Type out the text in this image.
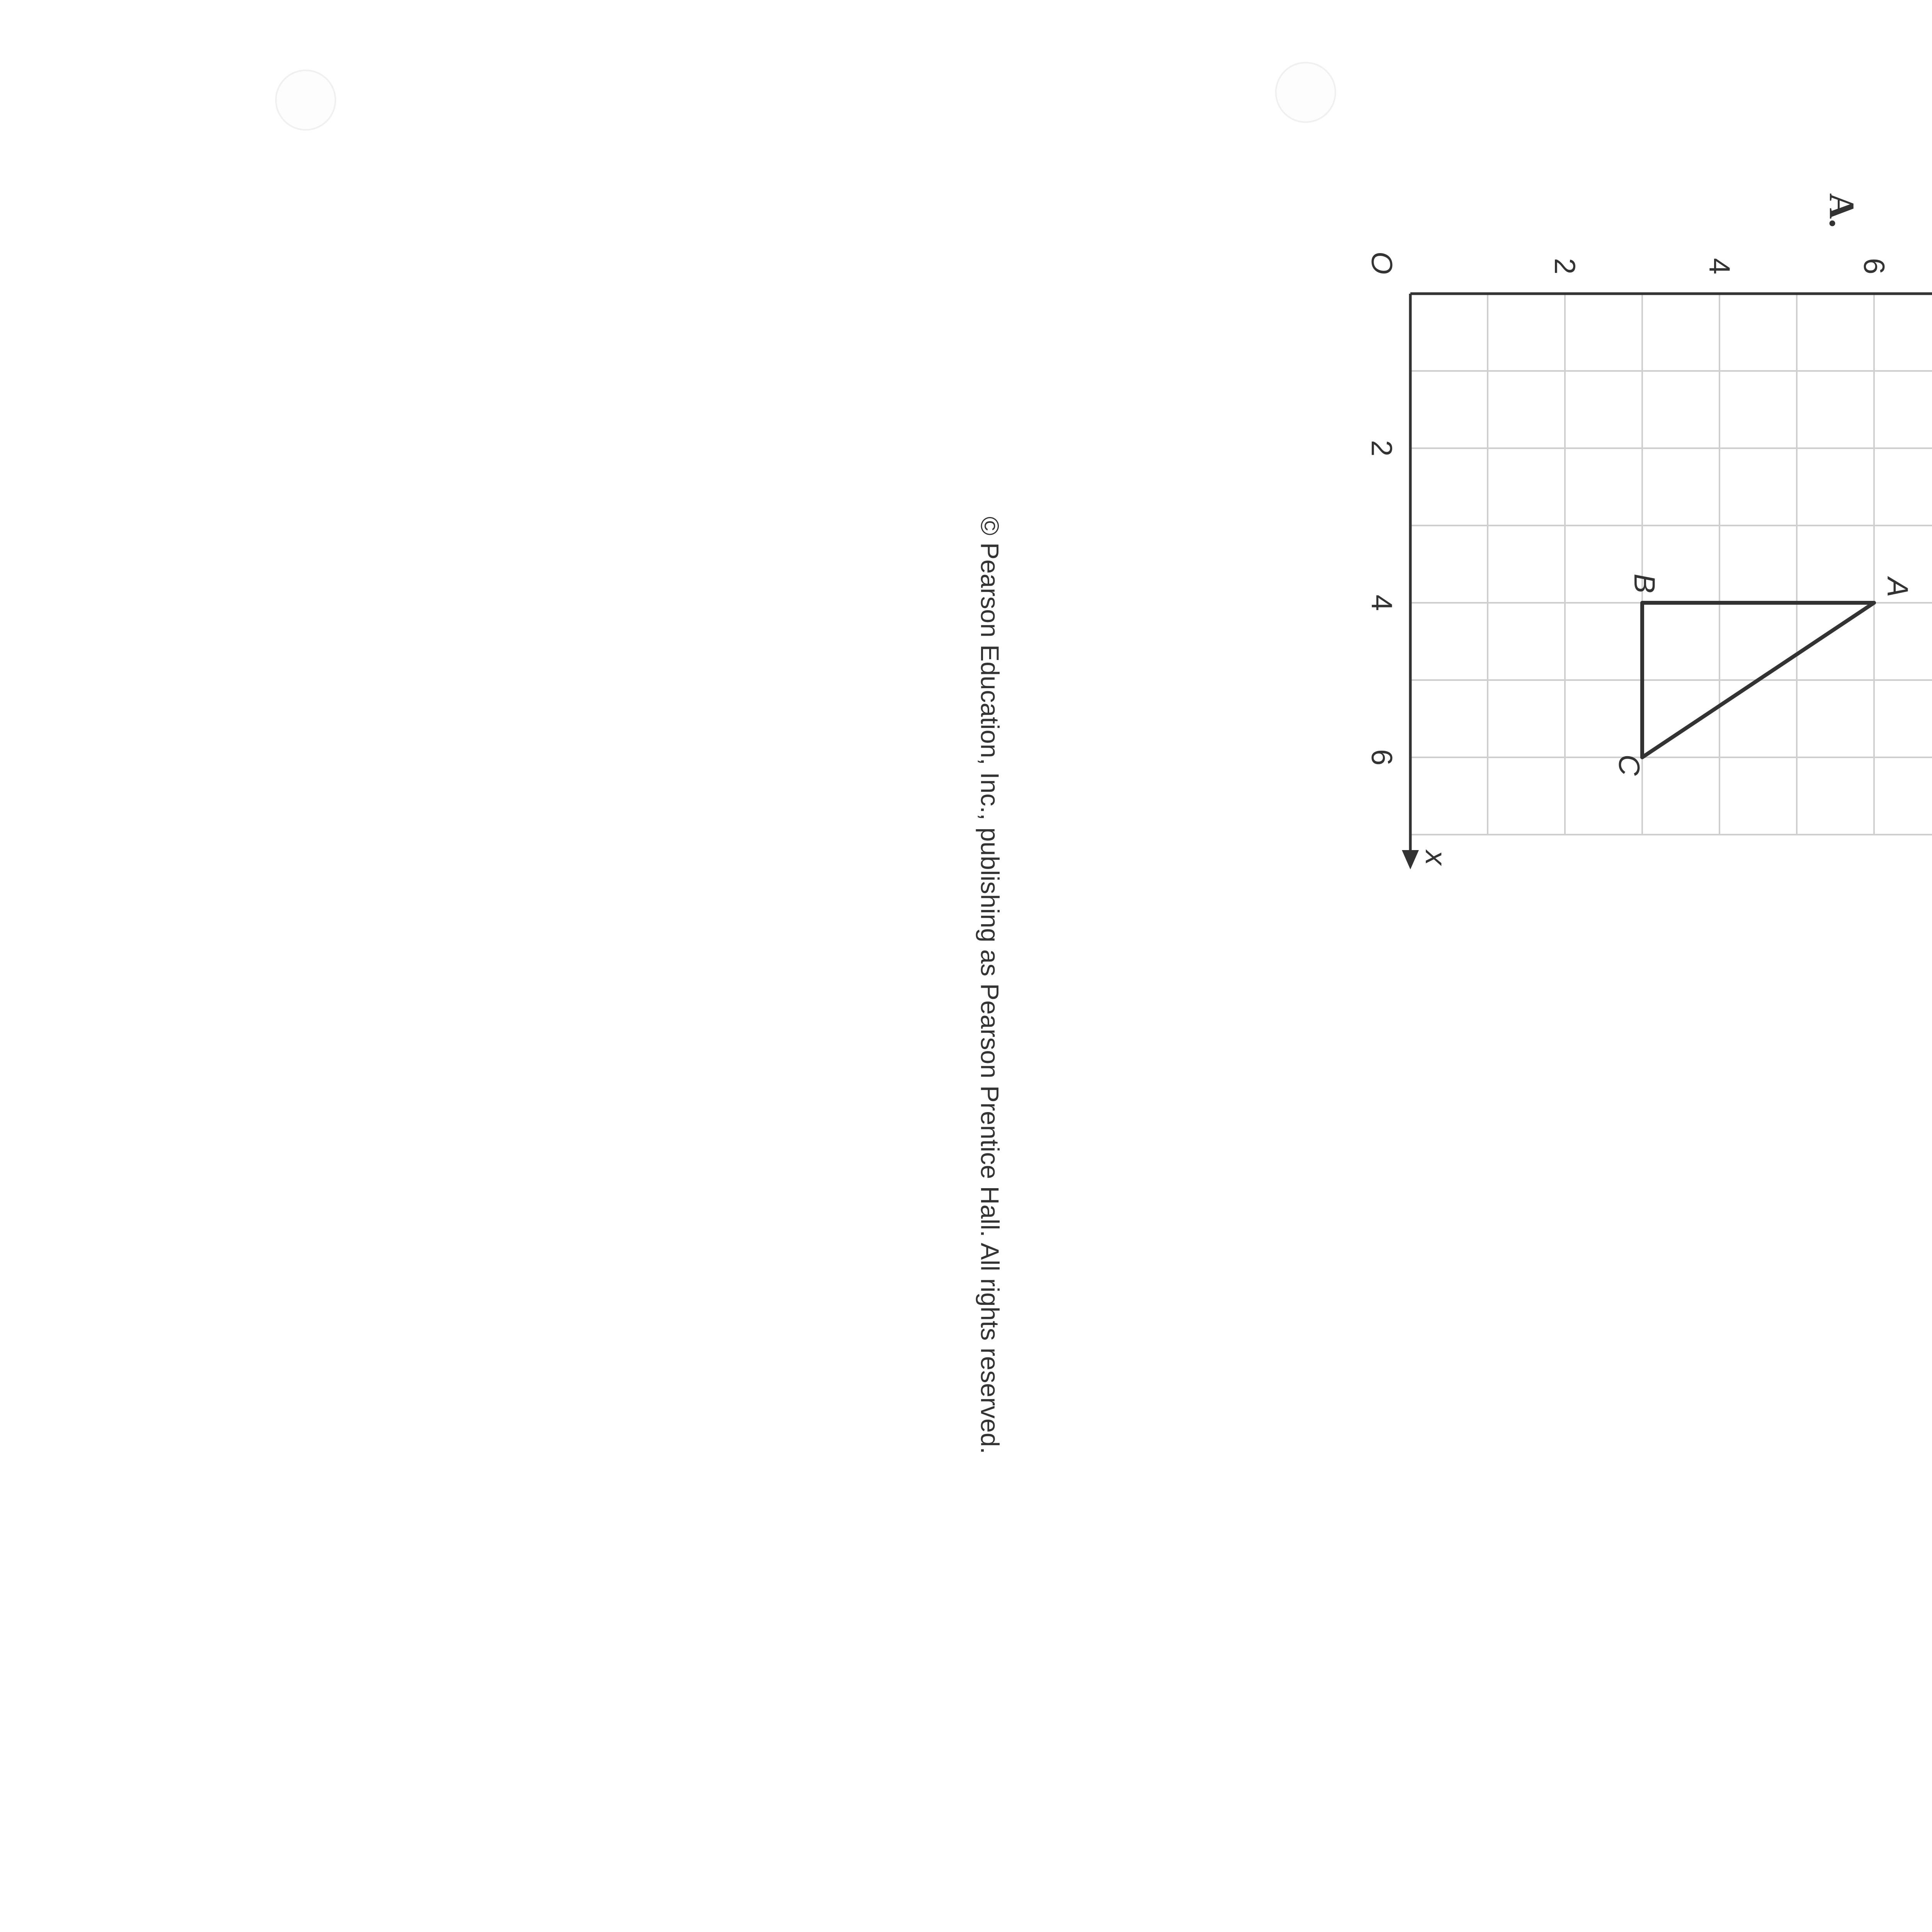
A.
2
4
6
2	4	6
O
x
A
B
C
© Pearson Education, Inc., publishing as Pearson Prentice Hall. All rights reserved.
